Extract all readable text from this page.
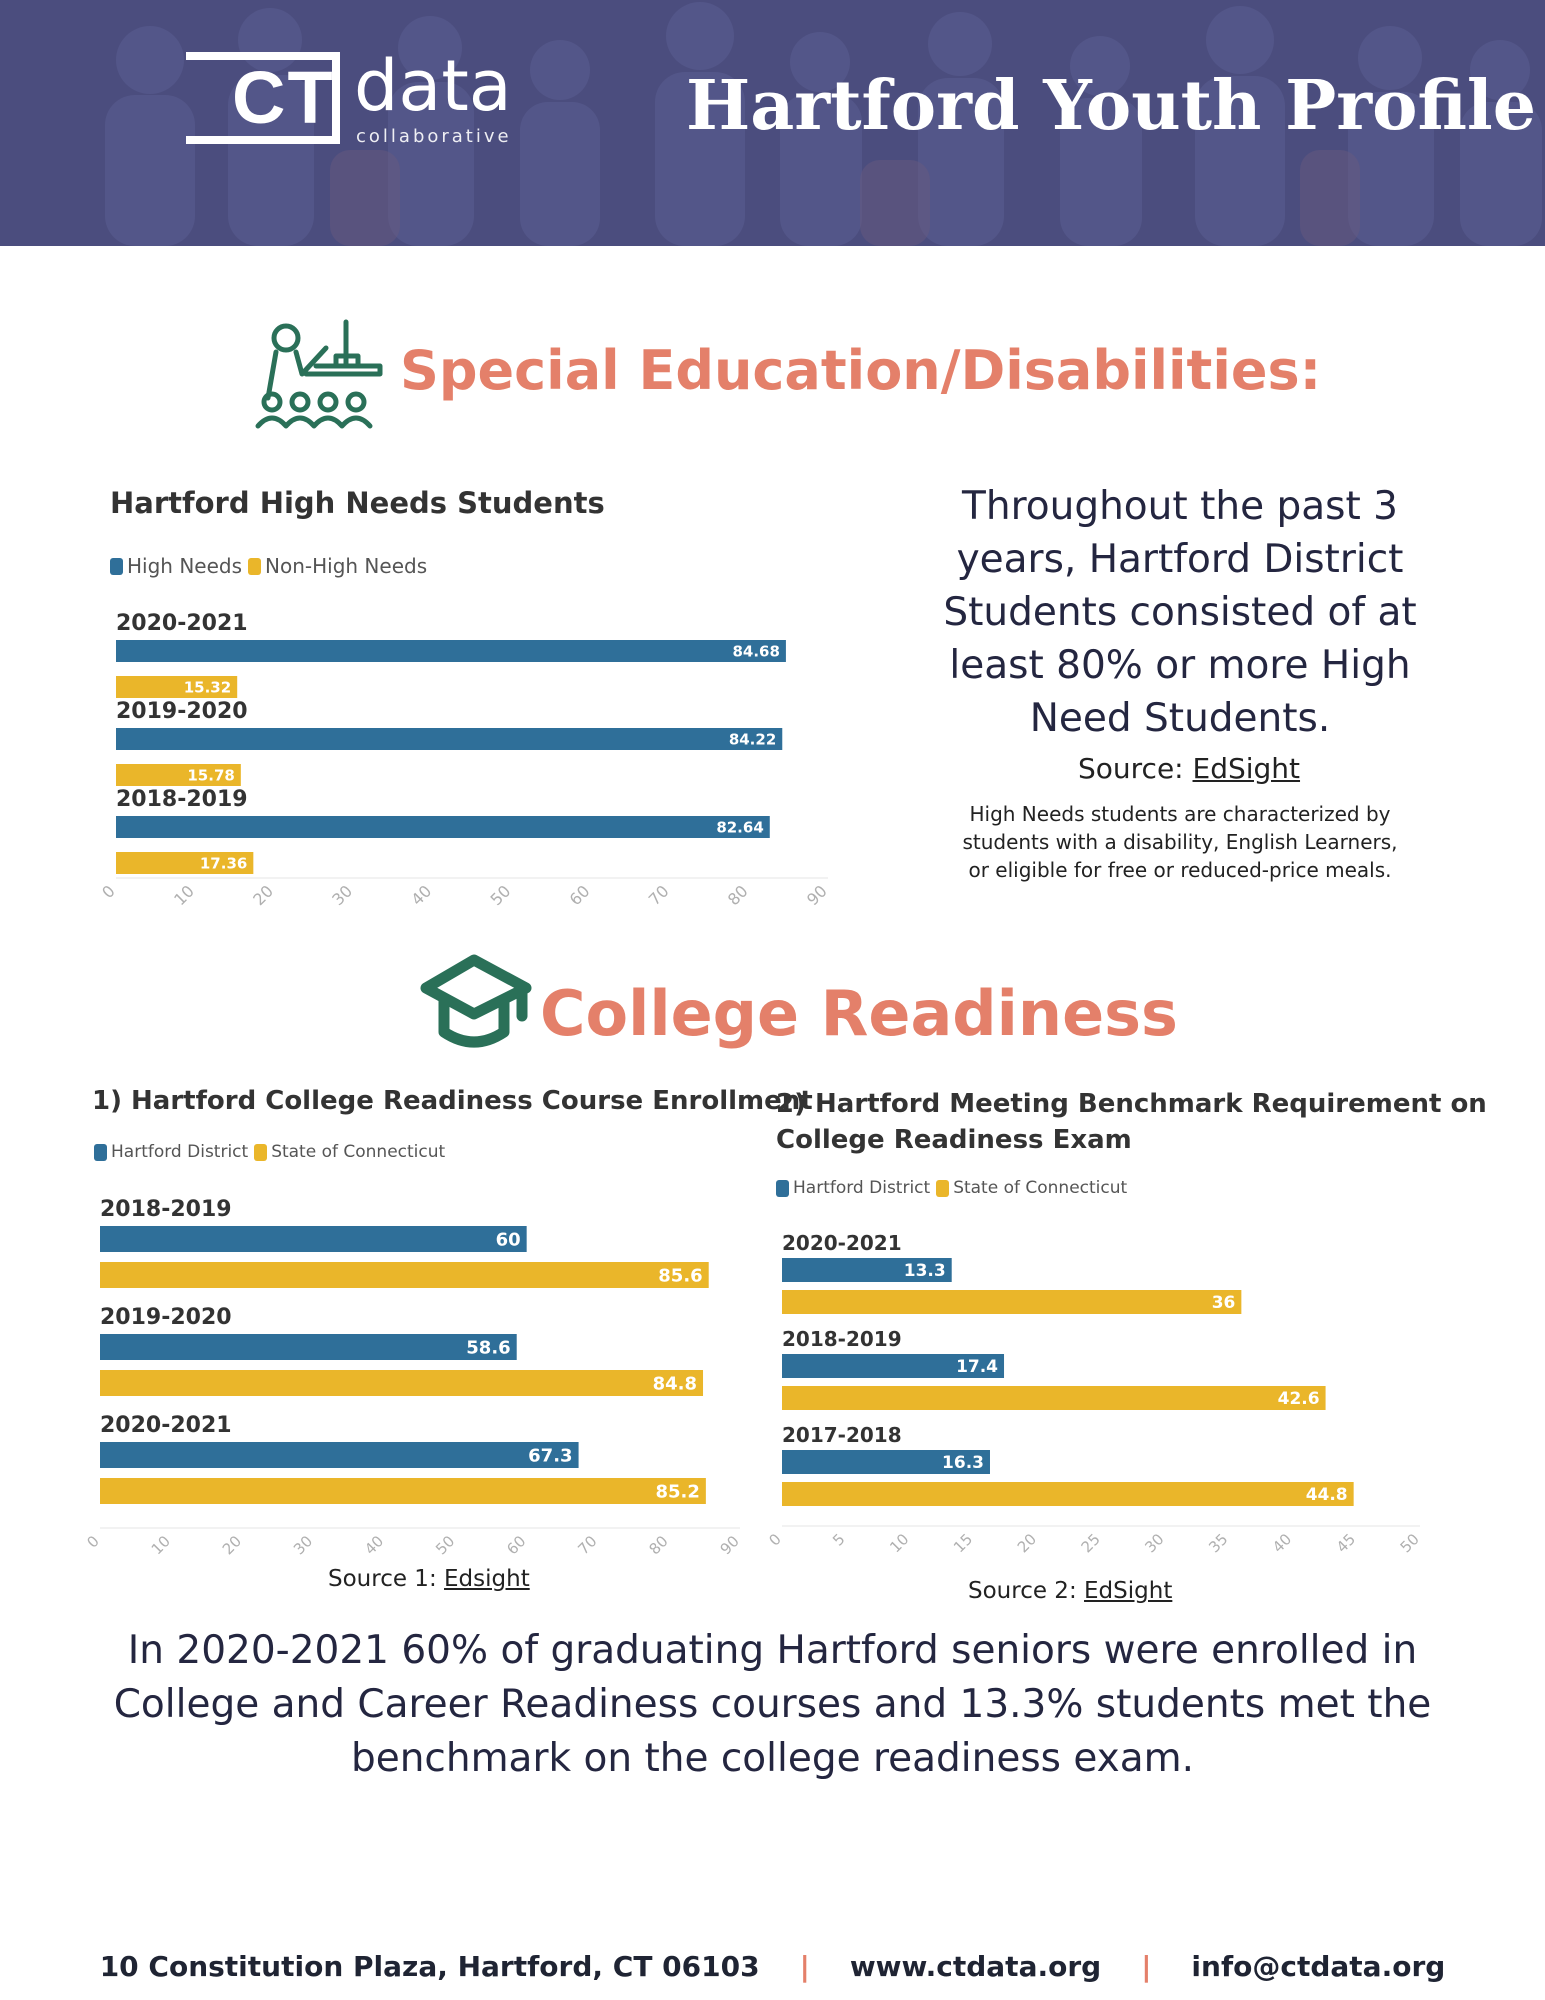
CT data
collaborative	Hartford Youth Profile
Special Education/Disabilities:
Hartford High Needs Students
High Needs Non-High Needs
2020-2021
84.68
15.32
2019-2020
84.22
15.78
2018-2019
82.64
17.36
0	10	20	30	40	50	60	70	80	90
Throughout the past 3 years, Hartford District Students consisted of at least 80% or more High Need Students.
Source: EdSight
High Needs students are characterized by students with a disability, English Learners, or eligible for free or reduced-price meals.
College Readiness
1) Hartford College Readiness Course Enrollment
Hartford District State of Connecticut
2018-2019
60
85.6
2019-2020
58.6
84.8
2020-2021
67.3
85.2
0	10	20	30	40	50	60	70	80	90
Source 1: Edsight
2) Hartford Meeting Benchmark Requirement on
College Readiness Exam
Hartford District State of Connecticut
2020-2021
13.3
36
2018-2019
17.4
42.6
2017-2018
16.3
44.8
0	5	10	15	20	25	30	35	40	45	50
Source 2: EdSight
In 2020-2021 60% of graduating Hartford seniors were enrolled in College and Career Readiness courses and 13.3% students met the benchmark on the college readiness exam.
10 Constitution Plaza, Hartford, CT 06103 | www.ctdata.org | info@ctdata.org
